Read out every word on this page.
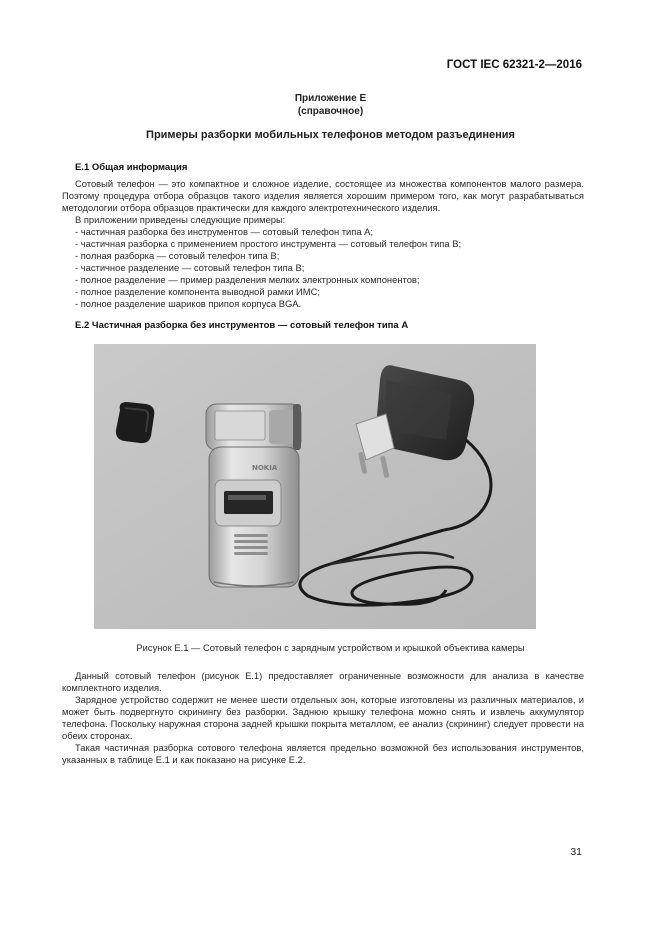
ГОСТ IEC 62321-2—2016
Приложение Е
(справочное)
Примеры разборки мобильных телефонов методом разъединения
Е.1 Общая информация

Сотовый телефон — это компактное и сложное изделие, состоящее из множества компонентов малого размера. Поэтому процедура отбора образцов такого изделия является хорошим примером того, как могут разрабатываться методологии отбора образцов практически для каждого электротехнического изделия.

В приложении приведены следующие примеры:

- частичная разборка без инструментов — сотовый телефон типа А;
- частичная разборка с применением простого инструмента — сотовый телефон типа В;
- полная разборка — сотовый телефон типа В;
- частичное разделение — сотовый телефон типа В;
- полное разделение — пример разделения мелких электронных компонентов;
- полное разделение компонента выводной рамки ИМС;
- полное разделение шариков припоя корпуса BGA.
Е.2 Частичная разборка без инструментов — сотовый телефон типа А
NOKIA
Рисунок Е.1 — Сотовый телефон с зарядным устройством и крышкой объектива камеры

Данный сотовый телефон (рисунок Е.1) предоставляет ограниченные возможности для анализа в качестве комплектного изделия.

Зарядное устройство содержит не менее шести отдельных зон, которые изготовлены из различных материалов, и может быть подвергнуто скринингу без разборки. Заднюю крышку телефона можно снять и извлечь аккумулятор телефона. Поскольку наружная сторона задней крышки покрыта металлом, ее анализ (скрининг) следует провести на обеих сторонах.

Такая частичная разборка сотового телефона является предельно возможной без использования инструментов, указанных в таблице Е.1 и как показано на рисунке Е.2.

31
